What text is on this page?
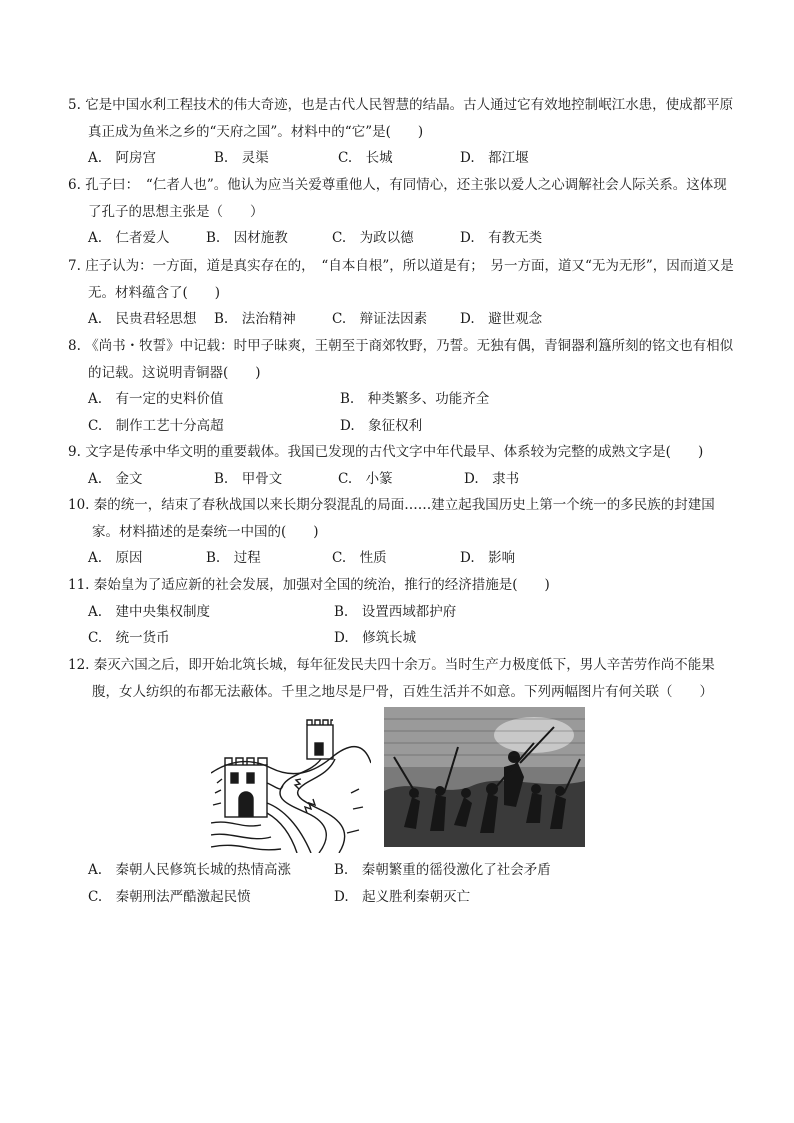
5. 它是中国水利工程技术的伟大奇迹，也是古代人民智慧的结晶。古人通过它有效地控制岷江水患，使成都平原真正成为鱼米之乡的“天府之国”。材料中的“它”是(　　)

A.　阿房宫	B.　灵渠	C.　长城	D.　都江堰

6. 孔子曰：　“仁者人也”。他认为应当关爱尊重他人，有同情心，还主张以爱人之心调解社会人际关系。这体现了孔子的思想主张是（　　）

A.　仁者爱人	B.　因材施教	C.　为政以德	D.　有教无类

7. 庄子认为：一方面，道是真实存在的，　“自本自根”，所以道是有；　另一方面，道又“无为无形”，因而道又是无。材料蕴含了(　　)

A.　民贵君轻思想 B.　法治精神	C.　辩证法因素 D.　避世观念

8. 《尚书・牧誓》中记载：时甲子昧爽，王朝至于商郊牧野，乃誓。无独有偶，青铜器利簋所刻的铭文也有相似的记载。这说明青铜器(　　)

A.　有一定的史料价值	B.　种类繁多、功能齐全
C.　制作工艺十分高超	D.　象征权利

9. 文字是传承中华文明的重要载体。我国已发现的古代文字中年代最早、体系较为完整的成熟文字是(　　)

A.　金文	B.　甲骨文	C.　小篆	D.　隶书

10. 秦的统一，结束了春秋战国以来长期分裂混乱的局面……建立起我国历史上第一个统一的多民族的封建国家。材料描述的是秦统一中国的(　　)

A.　原因	B.　过程	C.　性质	D.　影响

11. 秦始皇为了适应新的社会发展，加强对全国的统治，推行的经济措施是(　　)

A.　建中央集权制度	B.　设置西域都护府
C.　统一货币	D.　修筑长城

12. 秦灭六国之后，即开始北筑长城，每年征发民夫四十余万。当时生产力极度低下，男人辛苦劳作尚不能果腹，女人纺织的布都无法蔽体。千里之地尽是尸骨，百姓生活并不如意。下列两幅图片有何关联（　　）

A.　秦朝人民修筑长城的热情高涨	B.　秦朝繁重的徭役激化了社会矛盾
C.　秦朝刑法严酷激起民愤	D.　起义胜利秦朝灭亡
